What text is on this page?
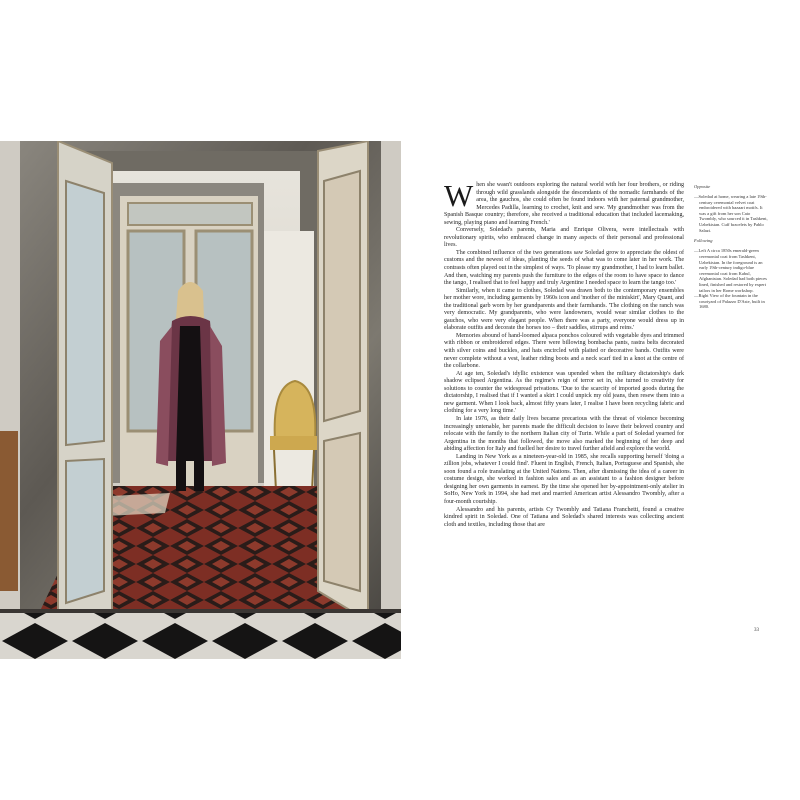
When she wasn't outdoors exploring the natural world with her four brothers, or riding through wild grasslands alongside the descendants of the nomadic farmhands of the area, the gauchos, she could often be found indoors with her paternal grandmother, Mercedes Padilla, learning to crochet, knit and sew. 'My grandmother was from the Spanish Basque country; therefore, she received a traditional education that included lacemaking, sewing, playing piano and learning French.'

Conversely, Soledad's parents, Maria and Enrique Olivera, were intellectuals with revolutionary spirits, who embraced change in many aspects of their personal and professional lives.

The combined influence of the two generations saw Soledad grow to appreciate the oldest of customs and the newest of ideas, planting the seeds of what was to come later in her work. The contrasts often played out in the simplest of ways. 'To please my grandmother, I had to learn ballet. And then, watching my parents push the furniture to the edges of the room to have space to dance the tango, I realised that to feel happy and truly Argentine I needed space to learn the tango too.'

Similarly, when it came to clothes, Soledad was drawn both to the contemporary ensembles her mother wore, including garments by 1960s icon and 'mother of the miniskirt', Mary Quant, and the traditional garb worn by her grandparents and their farmhands. 'The clothing on the ranch was very democratic. My grandparents, who were landowners, would wear similar clothes to the gauchos, who were very elegant people. When there was a party, everyone would dress up in elaborate outfits and decorate the horses too – their saddles, stirrups and reins.'

Memories abound of hand-loomed alpaca ponchos coloured with vegetable dyes and trimmed with ribbon or embroidered edges. There were billowing bombacha pants, rastra belts decorated with silver coins and buckles, and hats encircled with plaited or decorative bands. Outfits were never complete without a vest, leather riding boots and a neck scarf tied in a knot at the centre of the collarbone.

At age ten, Soledad's idyllic existence was upended when the military dictatorship's dark shadow eclipsed Argentina. As the regime's reign of terror set in, she turned to creativity for solutions to counter the widespread privations. 'Due to the scarcity of imported goods during the dictatorship, I realised that if I wanted a skirt I could unpick my old jeans, then resew them into a new garment. When I look back, almost fifty years later, I realise I have been recycling fabric and clothing for a very long time.'

In late 1976, as their daily lives became precarious with the threat of violence becoming increasingly untenable, her parents made the difficult decision to leave their beloved country and relocate with the family to the northern Italian city of Turin. While a part of Soledad yearned for Argentina in the months that followed, the move also marked the beginning of her deep and abiding affection for Italy and fuelled her desire to travel further afield and explore the world.

Landing in New York as a nineteen-year-old in 1985, she recalls supporting herself 'doing a zillion jobs, whatever I could find'. Fluent in English, French, Italian, Portuguese and Spanish, she soon found a role translating at the United Nations. Then, after dismissing the idea of a career in costume design, she worked in fashion sales and as an assistant to a fashion designer before designing her own garments in earnest. By the time she opened her by-appointment-only atelier in SoHo, New York in 1994, she had met and married American artist Alessandro Twombly, after a four-month courtship.

Alessandro and his parents, artists Cy Twombly and Tatiana Franchetti, found a creative kindred spirit in Soledad. One of Tatiana and Soledad's shared interests was collecting ancient cloth and textiles, including those that are

Opposite

—Soledad at home, wearing a late 19th-century ceremonial velvet coat embroidered with bazaari motifs. It was a gift from her son Caio Twombly, who sourced it in Tashkent, Uzbekistan. Cuff bracelets by Pablo Salazi.

Following

—Left A circa 1850s emerald-green ceremonial coat from Tashkent, Uzbekistan. In the foreground is an early 19th-century indigo-blue ceremonial coat from Kabul, Afghanistan. Soledad had both pieces lined, finished and restored by expert tailors in her Rome workshop.

—Right View of the fountain in the courtyard of Palazzo D'Aste, built in 1680.

33
